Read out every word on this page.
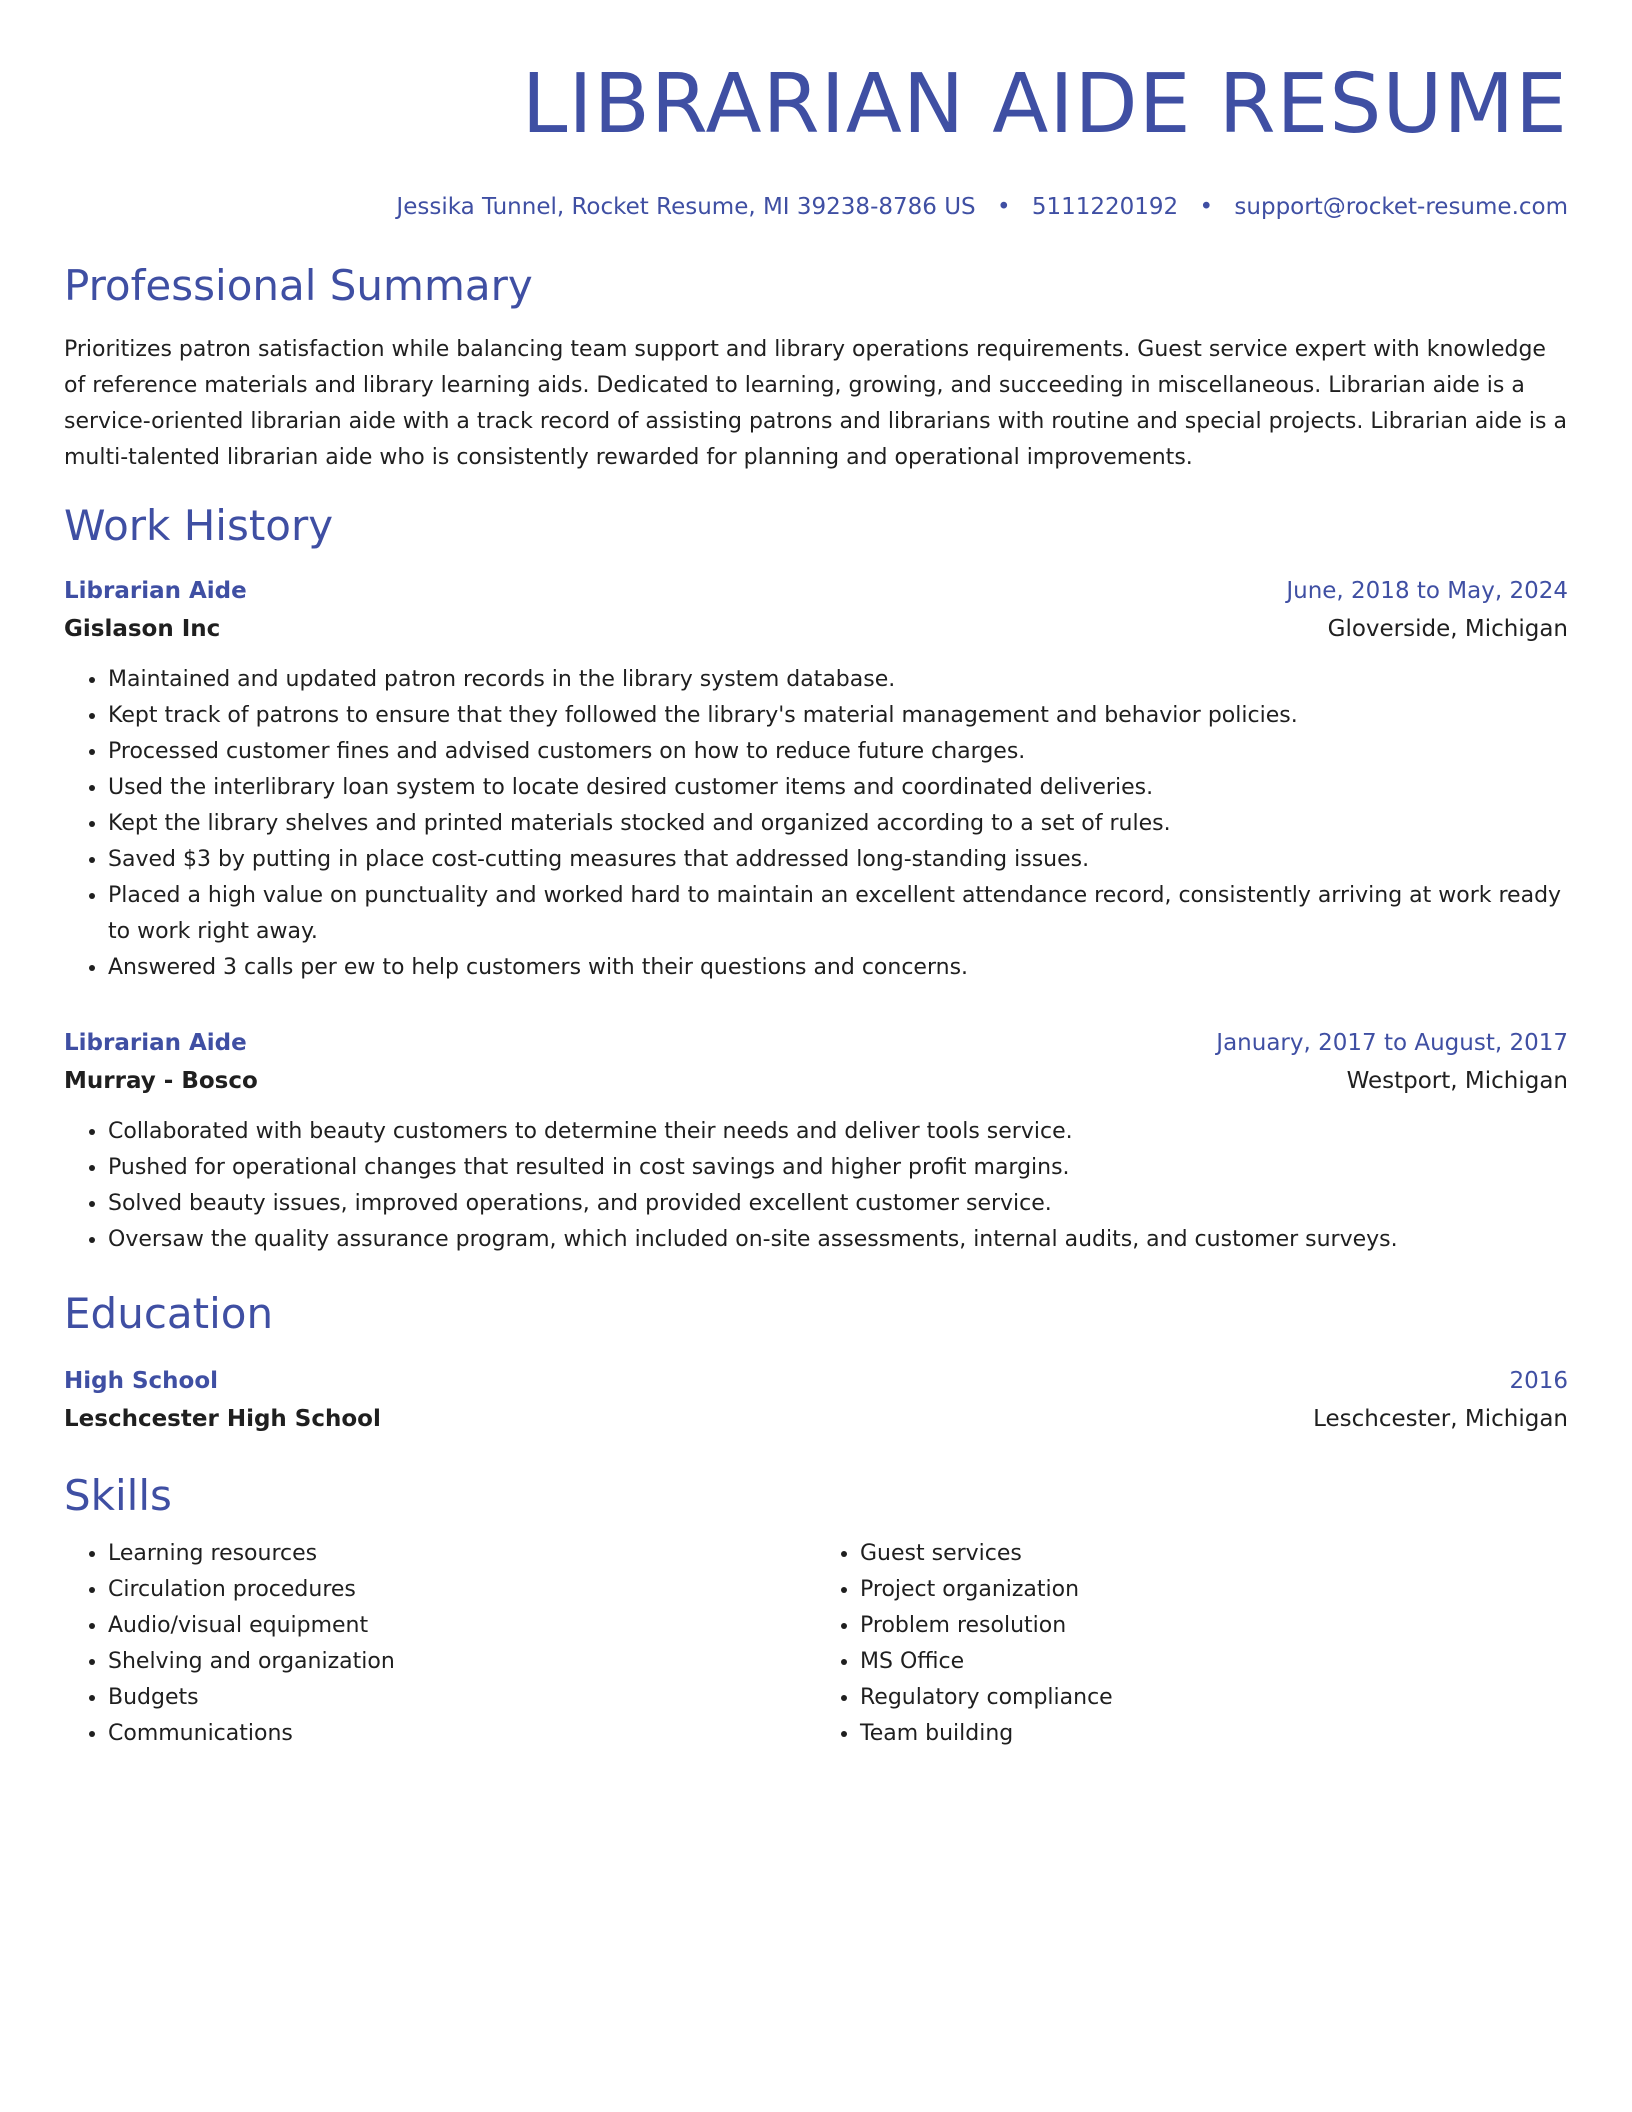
LIBRARIAN AIDE RESUME
Jessika Tunnel, Rocket Resume, MI 39238-8786 US • 5111220192 • support@rocket-resume.com
Professional Summary
Prioritizes patron satisfaction while balancing team support and library operations requirements. Guest service expert with knowledge of reference materials and library learning aids. Dedicated to learning, growing, and succeeding in miscellaneous. Librarian aide is a service-oriented librarian aide with a track record of assisting patrons and librarians with routine and special projects. Librarian aide is a multi-talented librarian aide who is consistently rewarded for planning and operational improvements.
Work History
Librarian Aide	June, 2018 to May, 2024
Gislason Inc	Gloverside, Michigan
• Maintained and updated patron records in the library system database.
• Kept track of patrons to ensure that they followed the library's material management and behavior policies.
• Processed customer fines and advised customers on how to reduce future charges.
• Used the interlibrary loan system to locate desired customer items and coordinated deliveries.
• Kept the library shelves and printed materials stocked and organized according to a set of rules.
• Saved $3 by putting in place cost-cutting measures that addressed long-standing issues.
• Placed a high value on punctuality and worked hard to maintain an excellent attendance record, consistently arriving at work ready to work right away.
• Answered 3 calls per ew to help customers with their questions and concerns.
Librarian Aide	January, 2017 to August, 2017
Murray - Bosco	Westport, Michigan
• Collaborated with beauty customers to determine their needs and deliver tools service.
• Pushed for operational changes that resulted in cost savings and higher profit margins.
• Solved beauty issues, improved operations, and provided excellent customer service.
• Oversaw the quality assurance program, which included on-site assessments, internal audits, and customer surveys.
Education
High School	2016
Leschcester High School	Leschcester, Michigan
Skills
• Learning resources
• Circulation procedures
• Audio/visual equipment
• Shelving and organization
• Budgets
• Communications
• Guest services
• Project organization
• Problem resolution
• MS Office
• Regulatory compliance
• Team building
